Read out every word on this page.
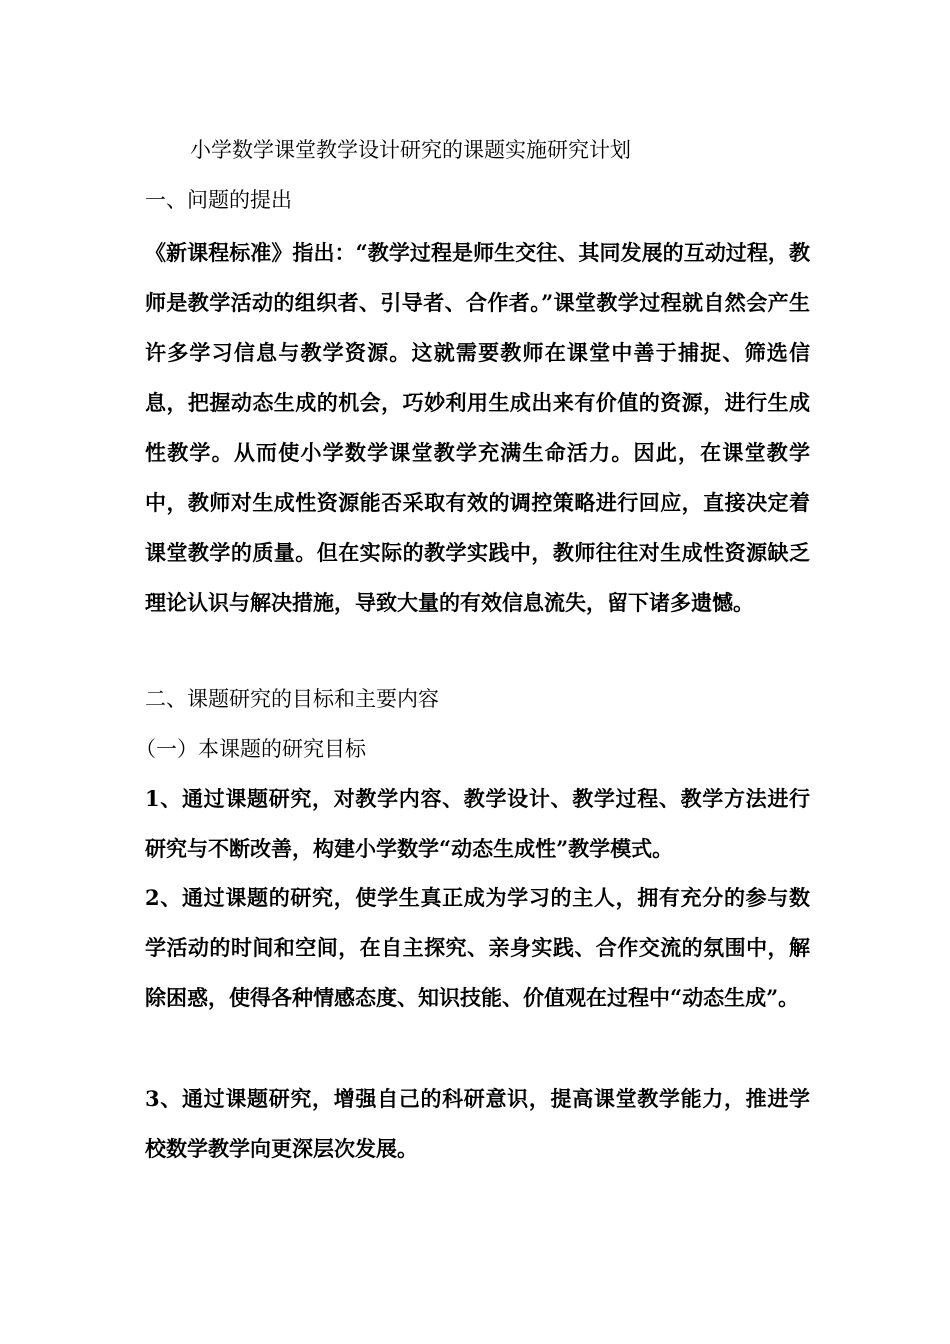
小学数学课堂教学设计研究的课题实施研究计划
一、问题的提出

《新课程标准》指出：“教学过程是师生交往、其同发展的互动过程，教师是教学活动的组织者、引导者、合作者。”课堂教学过程就自然会产生许多学习信息与教学资源。这就需要教师在课堂中善于捕捉、筛选信息，把握动态生成的机会，巧妙利用生成出来有价值的资源，进行生成性教学。从而使小学数学课堂教学充满生命活力。因此，在课堂教学中，教师对生成性资源能否采取有效的调控策略进行回应，直接决定着课堂教学的质量。但在实际的教学实践中，教师往往对生成性资源缺乏理论认识与解决措施，导致大量的有效信息流失，留下诸多遗憾。

二、课题研究的目标和主要内容
（一）本课题的研究目标

1、通过课题研究，对教学内容、教学设计、教学过程、教学方法进行研究与不断改善，构建小学数学“动态生成性”教学模式。

2、通过课题的研究，使学生真正成为学习的主人，拥有充分的参与数学活动的时间和空间，在自主探究、亲身实践、合作交流的氛围中，解除困惑，使得各种情感态度、知识技能、价值观在过程中“动态生成”。

3、通过课题研究，增强自己的科研意识，提高课堂教学能力，推进学校数学教学向更深层次发展。
